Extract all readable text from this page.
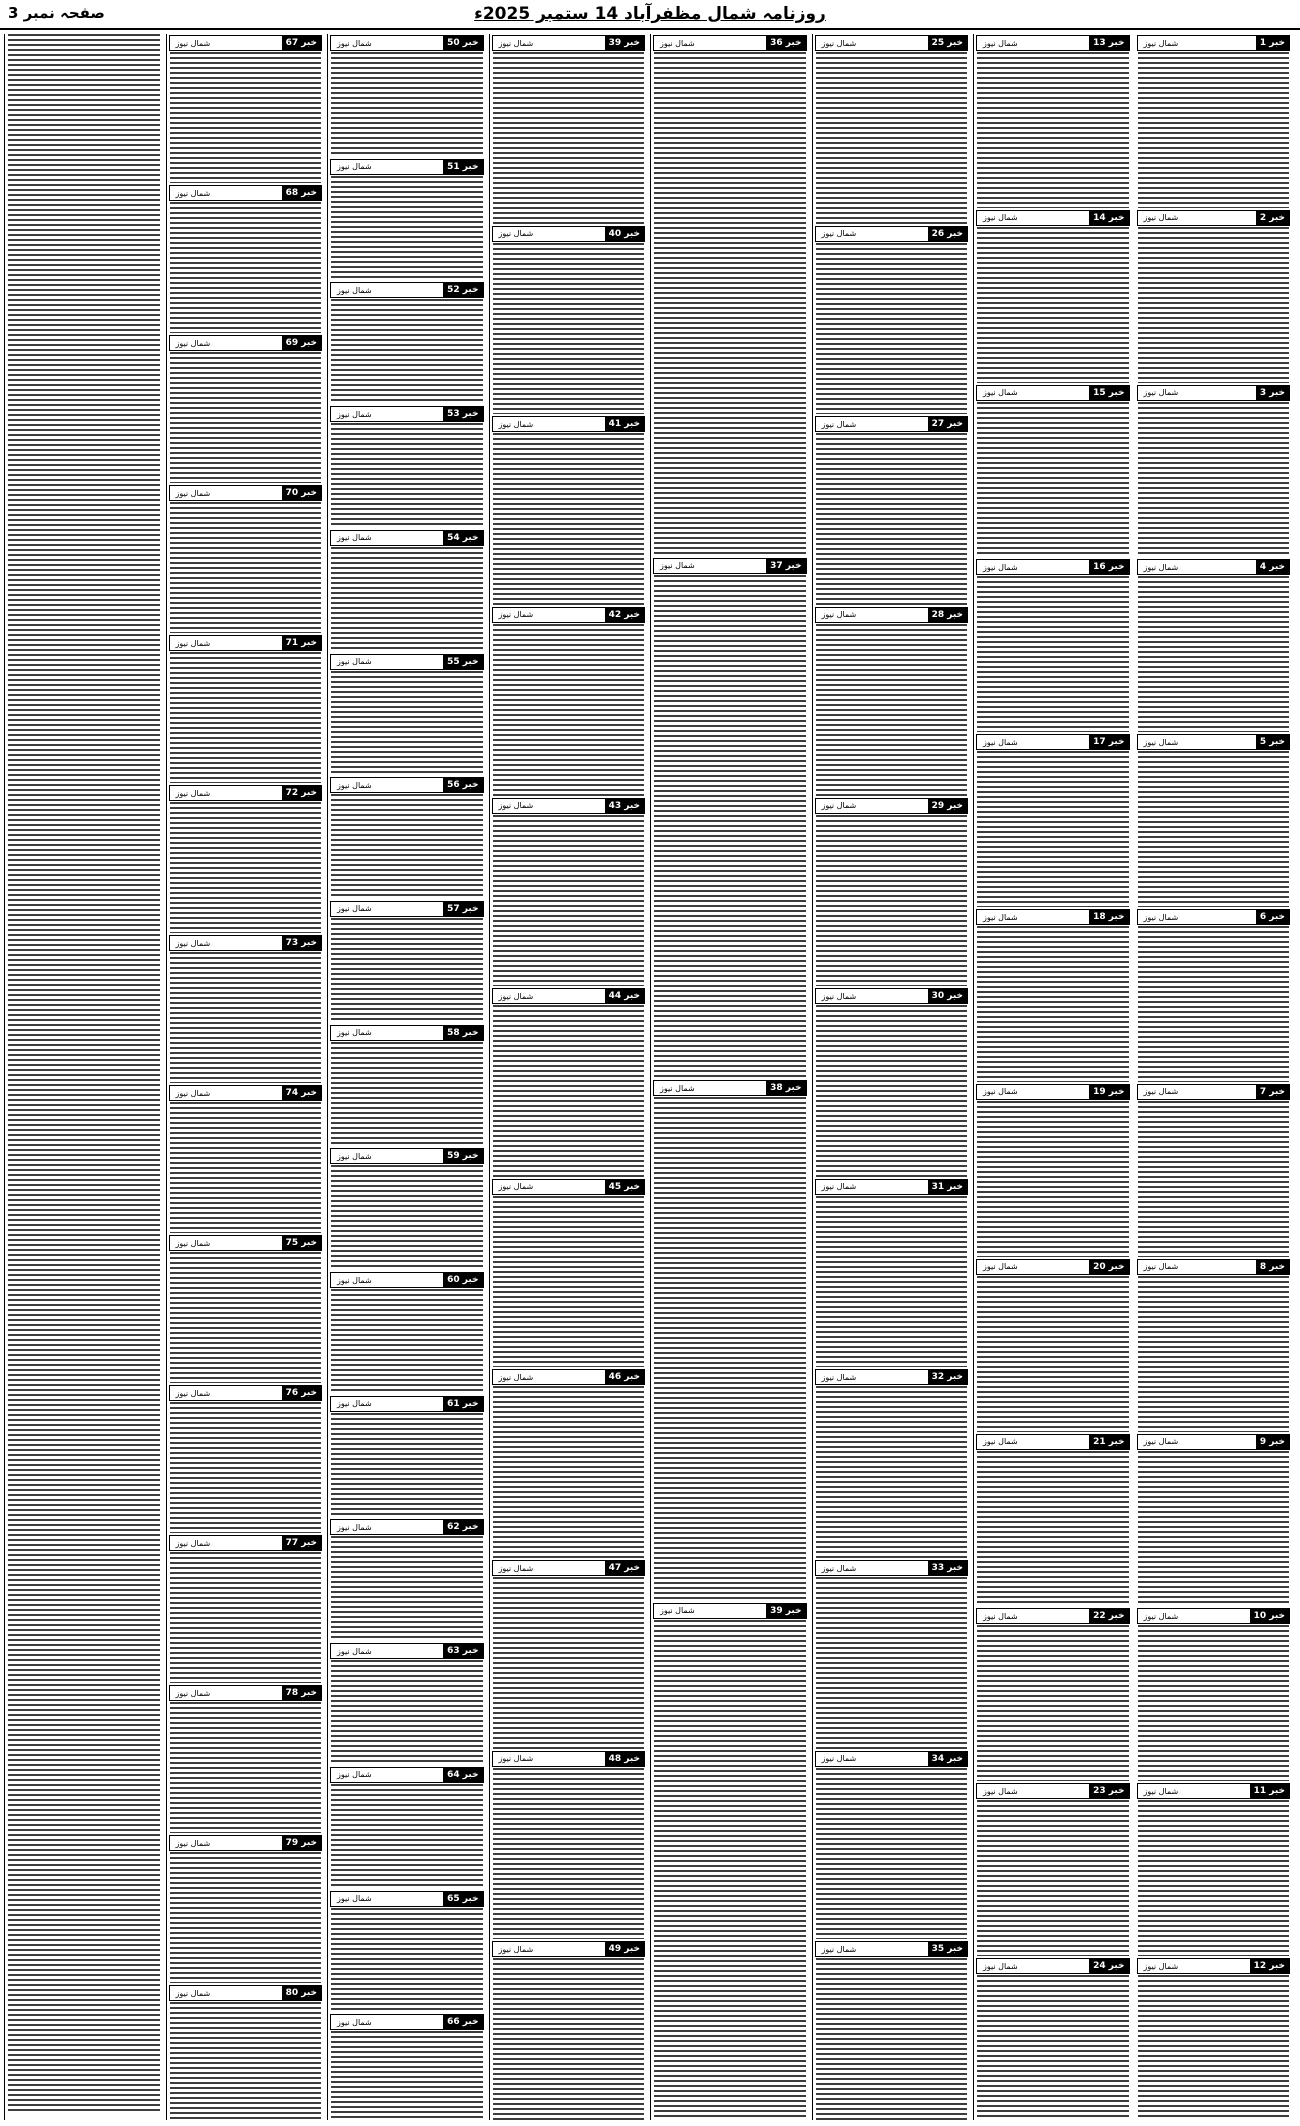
روزنامہ شمال مظفرآباد 14 ستمبر 2025ء
صفحہ نمبر 3
شمال نیوز	خبر 1
شمال نیوز	خبر 2
شمال نیوز	خبر 3
شمال نیوز	خبر 4
شمال نیوز	خبر 5
شمال نیوز	خبر 6
شمال نیوز	خبر 7
شمال نیوز	خبر 8
شمال نیوز	خبر 9
شمال نیوز	خبر 10
شمال نیوز	خبر 11
شمال نیوز	خبر 12
شمال نیوز	خبر 13
شمال نیوز	خبر 14
شمال نیوز	خبر 15
شمال نیوز	خبر 16
شمال نیوز	خبر 17
شمال نیوز	خبر 18
شمال نیوز	خبر 19
شمال نیوز	خبر 20
شمال نیوز	خبر 21
شمال نیوز	خبر 22
شمال نیوز	خبر 23
شمال نیوز	خبر 24
شمال نیوز	خبر 25
شمال نیوز	خبر 26
شمال نیوز	خبر 27
شمال نیوز	خبر 28
شمال نیوز	خبر 29
شمال نیوز	خبر 30
شمال نیوز	خبر 31
شمال نیوز	خبر 32
شمال نیوز	خبر 33
شمال نیوز	خبر 34
شمال نیوز	خبر 35
شمال نیوز	خبر 36
شمال نیوز	خبر 37
شمال نیوز	خبر 38
شمال نیوز	خبر 39
شمال نیوز	خبر 39
شمال نیوز	خبر 40
شمال نیوز	خبر 41
شمال نیوز	خبر 42
شمال نیوز	خبر 43
شمال نیوز	خبر 44
شمال نیوز	خبر 45
شمال نیوز	خبر 46
شمال نیوز	خبر 47
شمال نیوز	خبر 48
شمال نیوز	خبر 49
شمال نیوز	خبر 50
شمال نیوز	خبر 51
شمال نیوز	خبر 52
شمال نیوز	خبر 53
شمال نیوز	خبر 54
شمال نیوز	خبر 55
شمال نیوز	خبر 56
شمال نیوز	خبر 57
شمال نیوز	خبر 58
شمال نیوز	خبر 59
شمال نیوز	خبر 60
شمال نیوز	خبر 61
شمال نیوز	خبر 62
شمال نیوز	خبر 63
شمال نیوز	خبر 64
شمال نیوز	خبر 65
شمال نیوز	خبر 66
شمال نیوز	خبر 67
شمال نیوز	خبر 68
شمال نیوز	خبر 69
شمال نیوز	خبر 70
شمال نیوز	خبر 71
شمال نیوز	خبر 72
شمال نیوز	خبر 73
شمال نیوز	خبر 74
شمال نیوز	خبر 75
شمال نیوز	خبر 76
شمال نیوز	خبر 77
شمال نیوز	خبر 78
شمال نیوز	خبر 79
شمال نیوز	خبر 80
